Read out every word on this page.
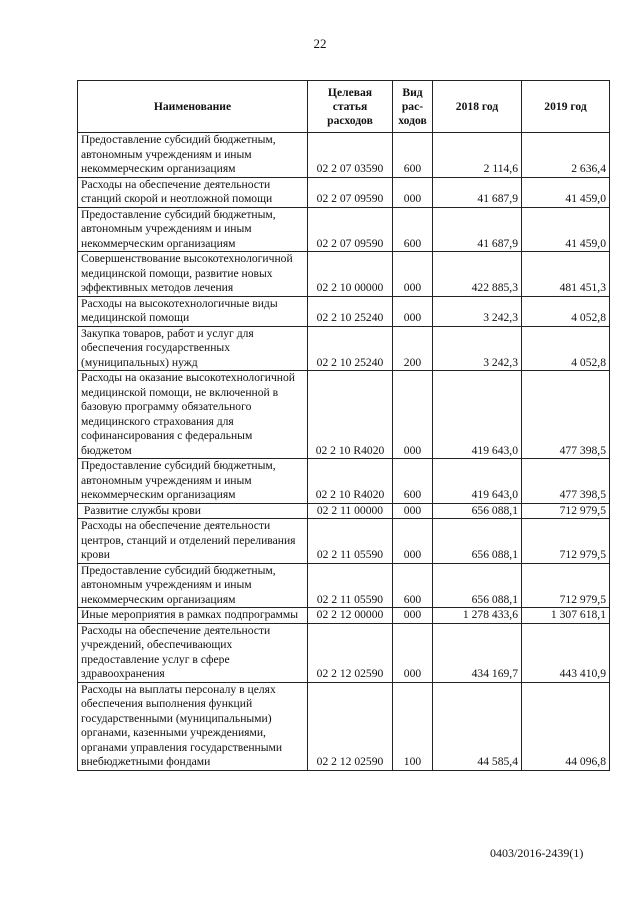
22
Наименование	Целевая статья расходов	Вид рас-ходов	2018 год	2019 год
Предоставление субсидий бюджетным, автономным учреждениям и иным некоммерческим организациям	02 2 07 03590	600	2 114,6	2 636,4
Расходы на обеспечение деятельности станций скорой и неотложной помощи	02 2 07 09590	000	41 687,9	41 459,0
Предоставление субсидий бюджетным, автономным учреждениям и иным некоммерческим организациям	02 2 07 09590	600	41 687,9	41 459,0
Совершенствование высокотехнологичной медицинской помощи, развитие новых эффективных методов лечения	02 2 10 00000	000	422 885,3	481 451,3
Расходы на высокотехнологичные виды медицинской помощи	02 2 10 25240	000	3 242,3	4 052,8
Закупка товаров, работ и услуг для обеспечения государственных (муниципальных) нужд	02 2 10 25240	200	3 242,3	4 052,8
Расходы на оказание высокотехнологичной медицинской помощи, не включенной в базовую программу обязательного медицинского страхования для софинансирования с федеральным бюджетом	02 2 10 R4020	000	419 643,0	477 398,5
Предоставление субсидий бюджетным, автономным учреждениям и иным некоммерческим организациям	02 2 10 R4020	600	419 643,0	477 398,5
Развитие службы крови	02 2 11 00000	000	656 088,1	712 979,5
Расходы на обеспечение деятельности центров, станций и отделений переливания крови	02 2 11 05590	000	656 088,1	712 979,5
Предоставление субсидий бюджетным, автономным учреждениям и иным некоммерческим организациям	02 2 11 05590	600	656 088,1	712 979,5
Иные мероприятия в рамках подпрограммы	02 2 12 00000	000	1 278 433,6	1 307 618,1
Расходы на обеспечение деятельности учреждений, обеспечивающих предоставление услуг в сфере здравоохранения	02 2 12 02590	000	434 169,7	443 410,9
Расходы на выплаты персоналу в целях обеспечения выполнения функций государственными (муниципальными) органами, казенными учреждениями, органами управления государственными внебюджетными фондами	02 2 12 02590	100	44 585,4	44 096,8
0403/2016-2439(1)
